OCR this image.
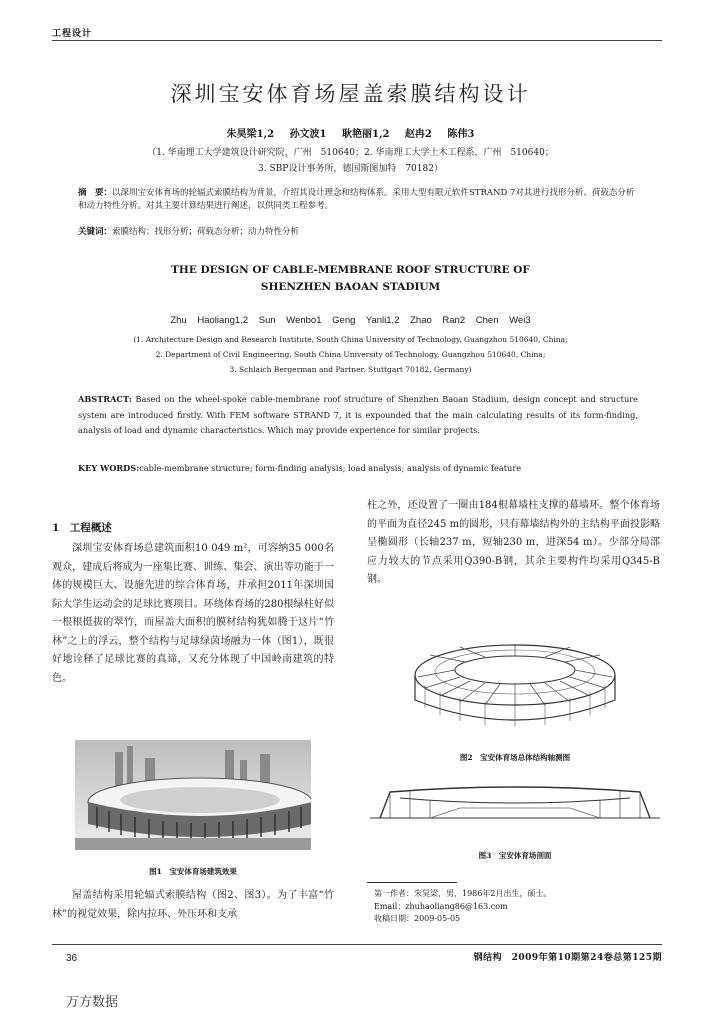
工程设计
深圳宝安体育场屋盖索膜结构设计
朱昊梁1,2 孙文波1 耿艳丽1,2 赵冉2 陈伟3
（1. 华南理工大学建筑设计研究院，广州　510640；2. 华南理工大学土木工程系，广州　510640；
3. SBP设计事务所，德国斯图加特　70182）
摘　要：以深圳宝安体育场的轮辐式索膜结构为背景，介绍其设计理念和结构体系。采用大型有限元软件STRAND 7对其进行找形分析、荷载态分析和动力特性分析。对其主要计算结果进行阐述，以供同类工程参考。
关键词：索膜结构；找形分析；荷载态分析；动力特性分析
THE DESIGN OF CABLE-MEMBRANE ROOF STRUCTURE OF
SHENZHEN BAOAN STADIUM
Zhu Haoliang1,2 Sun Wenbo1 Geng Yanli1,2 Zhao Ran2 Chen Wei3
(1. Architecture Design and Research Institute, South China University of Technology, Guangzhou 510640, China;
2. Department of Civil Engineering, South China University of Technology, Guangzhou 510640, China;
3. Schlaich Bergerman and Partner, Stuttgart 70182, Germany)
ABSTRACT: Based on the wheel-spoke cable-membrane roof structure of Shenzhen Baoan Stadium, design concept and structure system are introduced firstly. With FEM software STRAND 7, it is expounded that the main calculating results of its form-finding, analysis of load and dynamic characteristics. Which may provide experience for similar projects.
KEY WORDS:cable-membrane structure; form-finding analysis; load analysis; analysis of dynamic feature
1　工程概述
深圳宝安体育场总建筑面积10 049 m²，可容纳35 000名观众，建成后将成为一座集比赛、训练、集会、演出等功能于一体的规模巨大、设施先进的综合体育场，并承担2011年深圳国际大学生运动会的足球比赛项目。环绕体育场的280根绿柱好似一根根挺拔的翠竹，而屋盖大面积的膜材结构犹如腾于这片“竹林”之上的浮云，整个结构与足球绿茵场融为一体（图1），既很好地诠释了足球比赛的真谛，又充分体现了中国岭南建筑的特色。
图1　宝安体育场建筑效果
屋盖结构采用轮辐式索膜结构（图2、图3）。为了丰富“竹林”的视觉效果，除内拉环、外压环和支承
柱之外，还设置了一圈由184根幕墙柱支撑的幕墙环。整个体育场的平面为直径245 m的圆形，只有幕墙结构外的主结构平面投影略呈椭圆形（长轴237 m，短轴230 m，进深54 m）。少部分局部应力较大的节点采用Q390-B钢，其余主要构件均采用Q345-B钢。
图2　宝安体育场总体结构轴测图
图3　宝安体育场剖面
第一作者：朱昊梁，男，1986年2月出生，硕士。
Email：zhuhaoliang86@163.com
收稿日期：2009-05-05
36	钢结构　2009年第10期第24卷总第125期
万方数据
